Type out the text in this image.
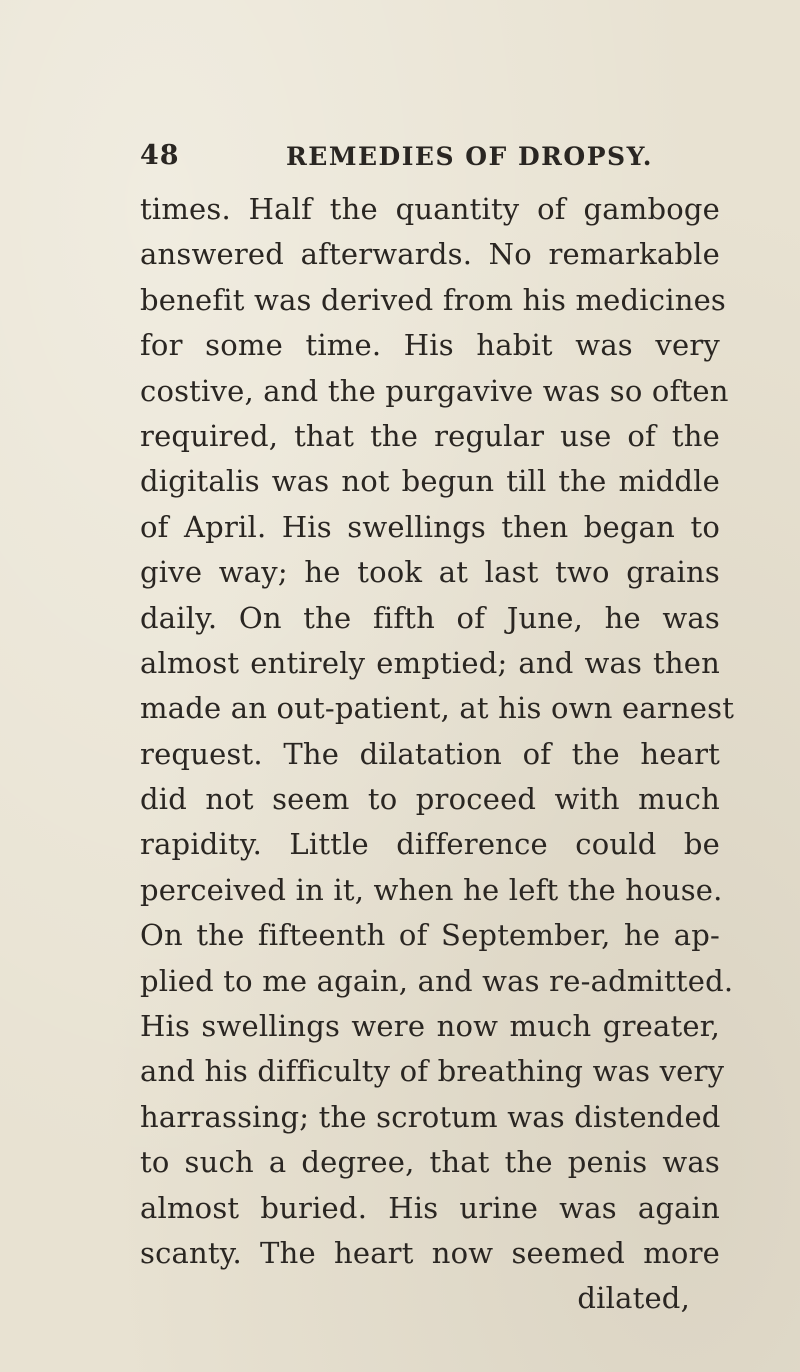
48	REMEDIES OF DROPSY.
times. Half the quantity of gamboge
answered afterwards. No remarkable
benefit was derived from his medicines
for some time. His habit was very
costive, and the purgavive was so often
required, that the regular use of the
digitalis was not begun till the middle
of April. His swellings then began to
give way; he took at last two grains
daily. On the fifth of June, he was
almost entirely emptied; and was then
made an out-patient, at his own earnest
request. The dilatation of the heart
did not seem to proceed with much
rapidity. Little difference could be
perceived in it, when he left the house.
On the fifteenth of September, he ap-
plied to me again, and was re-admitted.
His swellings were now much greater,
and his difficulty of breathing was very
harrassing; the scrotum was distended
to such a degree, that the penis was
almost buried. His urine was again
scanty. The heart now seemed more
dilated,
